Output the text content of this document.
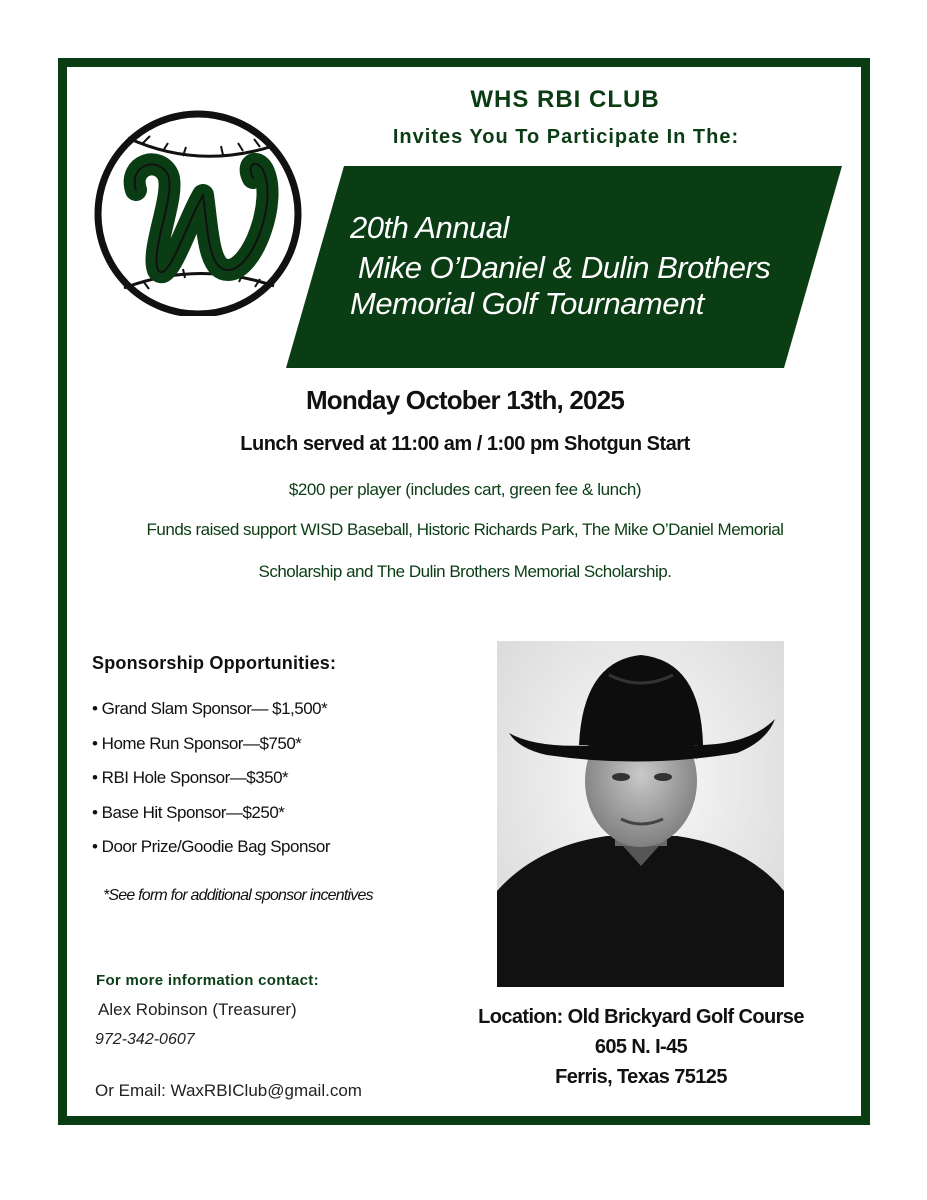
WHS RBI CLUB
Invites You To Participate In The:
20th Annual
Mike O’Daniel & Dulin Brothers
Memorial Golf Tournament
Monday October 13th, 2025
Lunch served at 11:00 am / 1:00 pm Shotgun Start
$200 per player (includes cart, green fee & lunch)
Funds raised support WISD Baseball, Historic Richards Park, The Mike O’Daniel Memorial
Scholarship and The Dulin Brothers Memorial Scholarship.
Sponsorship Opportunities:
• Grand Slam Sponsor— $1,500*
• Home Run Sponsor—$750*
• RBI Hole Sponsor—$350*
• Base Hit Sponsor—$250*
• Door Prize/Goodie Bag Sponsor
*See form for additional sponsor incentives
For more information contact:
Alex Robinson (Treasurer)
972-342-0607
Or Email: WaxRBIClub@gmail.com
Location: Old Brickyard Golf Course
605 N. I-45
Ferris, Texas 75125
